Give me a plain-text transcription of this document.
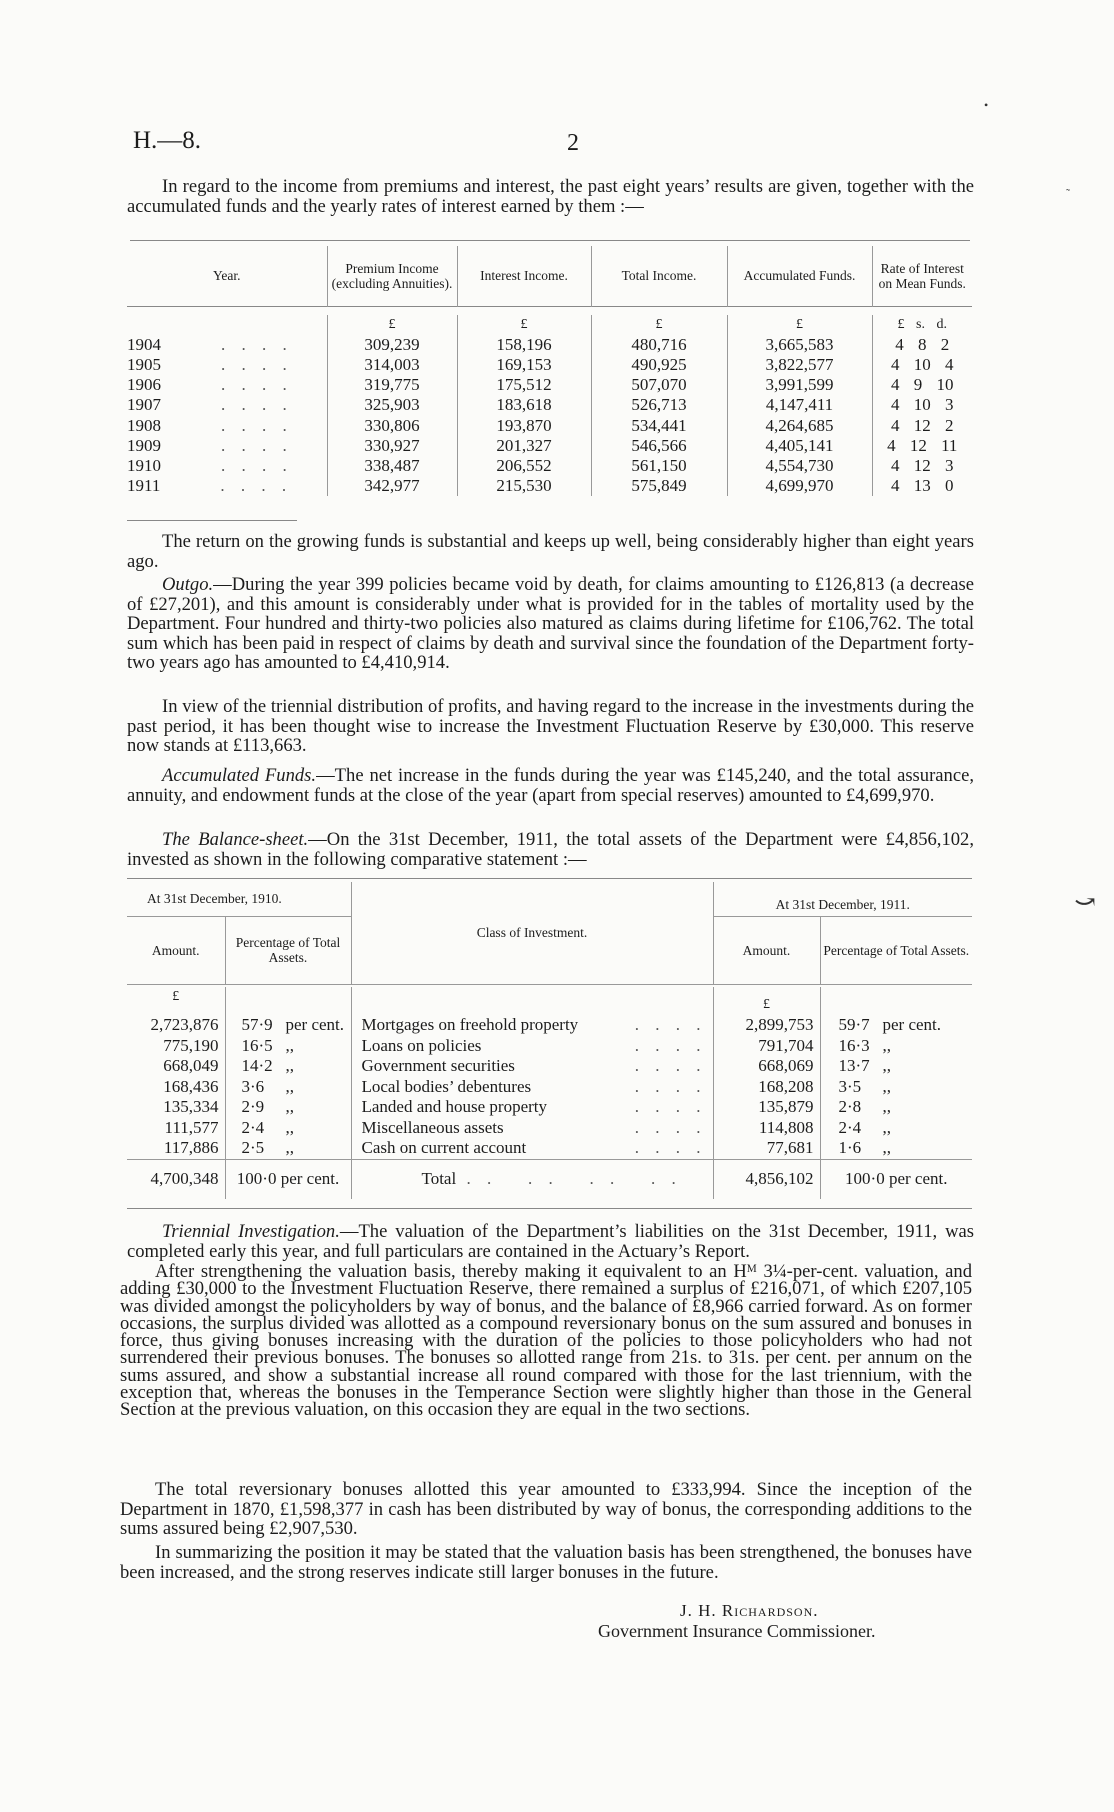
H.—8.	2
•
˜
⤻

In regard to the income from premiums and interest, the past eight years’ results are given, together with the accumulated funds and the yearly rates of interest earned by them :—

Year.	Premium Income (excluding Annuities).	Interest Income.	Total Income.	Accumulated Funds.	Rate of Interest on Mean Funds.

	£	£	£	£	£ s. d.
1904 . . . .	309,239	158,196	480,716	3,665,583	4 8 2
1905 . . . .	314,003	169,153	490,925	3,822,577	4 10 4
1906 . . . .	319,775	175,512	507,070	3,991,599	4 9 10
1907 . . . .	325,903	183,618	526,713	4,147,411	4 10 3
1908 . . . .	330,806	193,870	534,441	4,264,685	4 12 2
1909 . . . .	330,927	201,327	546,566	4,405,141	4 12 11
1910 . . . .	338,487	206,552	561,150	4,554,730	4 12 3
1911 . . . .	342,977	215,530	575,849	4,699,970	4 13 0

The return on the growing funds is substantial and keeps up well, being considerably higher than eight years ago.

Outgo.—During the year 399 policies became void by death, for claims amounting to £126,813 (a decrease of £27,201), and this amount is considerably under what is provided for in the tables of mortality used by the Department. Four hundred and thirty-two policies also matured as claims during lifetime for £106,762. The total sum which has been paid in respect of claims by death and survival since the foundation of the Department forty-two years ago has amounted to £4,410,914.

In view of the triennial distribution of profits, and having regard to the increase in the investments during the past period, it has been thought wise to increase the Investment Fluctuation Reserve by £30,000. This reserve now stands at £113,663.

Accumulated Funds.—The net increase in the funds during the year was £145,240, and the total assurance, annuity, and endowment funds at the close of the year (apart from special reserves) amounted to £4,699,970.

The Balance-sheet.—On the 31st December, 1911, the total assets of the Department were £4,856,102, invested as shown in the following comparative statement :—

At 31st December, 1910.		Class of Investment.	At 31st December, 1911.	
Amount.	Percentage of Total Assets.		Amount.	Percentage of Total Assets.

£			£	
2,723,876	57·9 per cent.	Mortgages on freehold property . . . .	2,899,753	59·7 per cent.
775,190	16·5 ,,	Loans on policies . . . .	791,704	16·3 ,,
668,049	14·2 ,,	Government securities . . . .	668,069	13·7 ,,
168,436	3·6 ,,	Local bodies’ debentures . . . .	168,208	3·5 ,,
135,334	2·9 ,,	Landed and house property . . . .	135,879	2·8 ,,
111,577	2·4 ,,	Miscellaneous assets . . . .	114,808	2·4 ,,
117,886	2·5 ,,	Cash on current account . . . .	77,681	1·6 ,,
4,700,348	100·0 per cent.	Total . .   . .   . .   . .	4,856,102	100·0 per cent.

Triennial Investigation.—The valuation of the Department’s liabilities on the 31st December, 1911, was completed early this year, and full particulars are contained in the Actuary’s Report.

After strengthening the valuation basis, thereby making it equivalent to an Hᴹ 3¼-per-cent. valuation, and adding £30,000 to the Investment Fluctuation Reserve, there remained a surplus of £216,071, of which £207,105 was divided amongst the policyholders by way of bonus, and the balance of £8,966 carried forward. As on former occasions, the surplus divided was allotted as a compound reversionary bonus on the sum assured and bonuses in force, thus giving bonuses increasing with the duration of the policies to those policyholders who had not surrendered their previous bonuses. The bonuses so allotted range from 21s. to 31s. per cent. per annum on the sums assured, and show a substantial increase all round compared with those for the last triennium, with the exception that, whereas the bonuses in the Temperance Section were slightly higher than those in the General Section at the previous valuation, on this occasion they are equal in the two sections.

The total reversionary bonuses allotted this year amounted to £333,994. Since the inception of the Department in 1870, £1,598,377 in cash has been distributed by way of bonus, the corresponding additions to the sums assured being £2,907,530.

In summarizing the position it may be stated that the valuation basis has been strengthened, the bonuses have been increased, and the strong reserves indicate still larger bonuses in the future.

J. H. Richardson.
Government Insurance Commissioner.
